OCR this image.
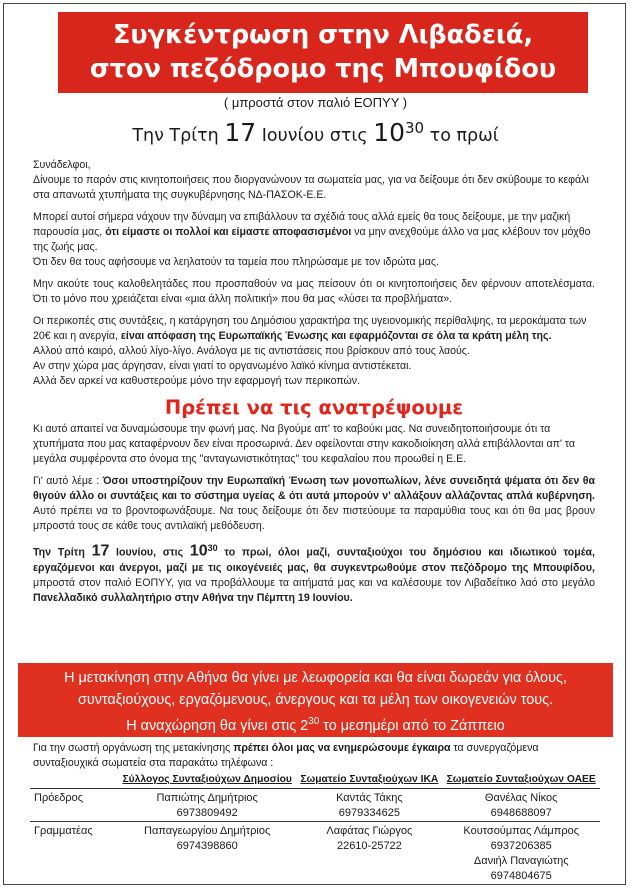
Συγκέντρωση στην Λιβαδειά,
στον πεζόδρομο της Μπουφίδου
( μπροστά στον παλιό ΕΟΠΥΥ )
Την Τρίτη 17 Ιουνίου στις $10^{30}$ το πρωί

Συνάδελφοι,
Δίνουμε το παρόν στις κινητοποιήσεις που διοργανώνουν τα σωματεία μας, για να δείξουμε ότι δεν σκύβουμε το κεφάλι στα απανωτά χτυπήματα της συγκυβέρνησης ΝΔ-ΠΑΣΟΚ-Ε.Ε.

Μπορεί αυτοί σήμερα νάχουν την δύναμη να επιβάλλουν τα σχέδιά τους αλλά εμείς θα τους δείξουμε, με την μαζική παρουσία μας, ότι είμαστε οι πολλοί και είμαστε αποφασισμένοι να μην ανεχθούμε άλλο να μας κλέβουν τον μόχθο της ζωής μας.
Ότι δεν θα τους αφήσουμε να λεηλατούν τα ταμεία που πληρώσαμε με τον ιδρώτα μας.

Μην ακούτε τους καλοθελητάδες που προσπαθούν να μας πείσουν ότι οι κινητοποιήσεις δεν φέρνουν αποτελέσματα. Ότι το μόνο που χρειάζεται είναι «μια άλλη πολιτική» που θα μας «λύσει τα προβλήματα».

Οι περικοπές στις συντάξεις, η κατάργηση του Δημόσιου χαρακτήρα της υγειονομικής περίθαλψης, τα μεροκάματα των 20€ και η ανεργία, είναι απόφαση της Ευρωπαϊκής Ένωσης και εφαρμόζονται σε όλα τα κράτη μέλη της.
Αλλού από καιρό, αλλού λίγο-λίγο. Ανάλογα με τις αντιστάσεις που βρίσκουν από τους λαούς.
Αν στην χώρα μας άργησαν, είναι γιατί το οργανωμένο λαϊκό κίνημα αντιστέκεται.
Αλλά δεν αρκεί να καθυστερούμε μόνο την εφαρμογή των περικοπών.

Πρέπει να τις ανατρέψουμε

Κι αυτό απαιτεί να δυναμώσουμε την φωνή μας. Να βγούμε απ' το καβούκι μας. Να συνειδητοποιήσουμε ότι τα χτυπήματα που μας καταφέρνουν δεν είναι προσωρινά. Δεν οφείλονται στην κακοδιοίκηση αλλά επιβάλλονται απ' τα μεγάλα συμφέροντα στο όνομα της "ανταγωνιστικότητας" του κεφαλαίου που προωθεί η Ε.Ε.

Γι' αυτό λέμε : Όσοι υποστηρίζουν την Ευρωπαϊκή Ένωση των μονοπωλίων, λένε συνειδητά ψέματα ότι δεν θα θιγούν άλλο οι συντάξεις και το σύστημα υγείας & ότι αυτά μπορούν ν' αλλάξουν αλλάζοντας απλά κυβέρνηση. Αυτό πρέπει να το βροντοφωνάξουμε. Να τους δείξουμε ότι δεν πιστεύουμε τα παραμύθια τους και ότι θα μας βρουν μπροστά τους σε κάθε τους αντιλαϊκή μεθόδευση.

Την Τρίτη 17 Ιουνίου, στις $10^{30}$ το πρωί, όλοι μαζί, συνταξιούχοι του δημόσιου και ιδιωτικού τομέα, εργαζόμενοι και άνεργοι, μαζί με τις οικογένειές μας, θα συγκεντρωθούμε στον πεζόδρομο της Μπουφίδου, μπροστά στον παλιό ΕΟΠΥΥ, για να προβάλλουμε τα αιτήματά μας και να καλέσουμε τον Λιβαδείτικο λαό στο μεγάλο Πανελλαδικό συλλαλητήριο στην Αθήνα την Πέμπτη 19 Ιουνίου.

Η μετακίνηση στην Αθήνα θα γίνει με λεωφορεία και θα είναι δωρεάν για όλους,
συνταξιούχους, εργαζόμενους, άνεργους και τα μέλη των οικογενειών τους.
Η αναχώρηση θα γίνει στις $2^{30}$ το μεσημέρι από το Ζάππειο
Για την σωστή οργάνωση της μετακίνησης πρέπει όλοι μας να ενημερώσουμε έγκαιρα τα συνεργαζόμενα συνταξιουχικά σωματεία στα παρακάτω τηλέφωνα :
	Σύλλογος Συνταξιούχων Δημοσίου	Σωματείο Συνταξιούχων ΙΚΑ	Σωματείο Συνταξιούχων ΟΑΕΕ
Πρόεδρος	Παπιώτης Δημήτριος	Καντάς Τάκης	Θανέλας Νίκος
	6973809492	6979334625	6948688097
Γραμματέας	Παπαγεωργίου Δημήτριος	Λαφάτας Γιώργος	Κουτσούμπας Λάμπρος
	6974398860	22610-25722	6937206385
			Δανιήλ Παναγιώτης
			6974804675
